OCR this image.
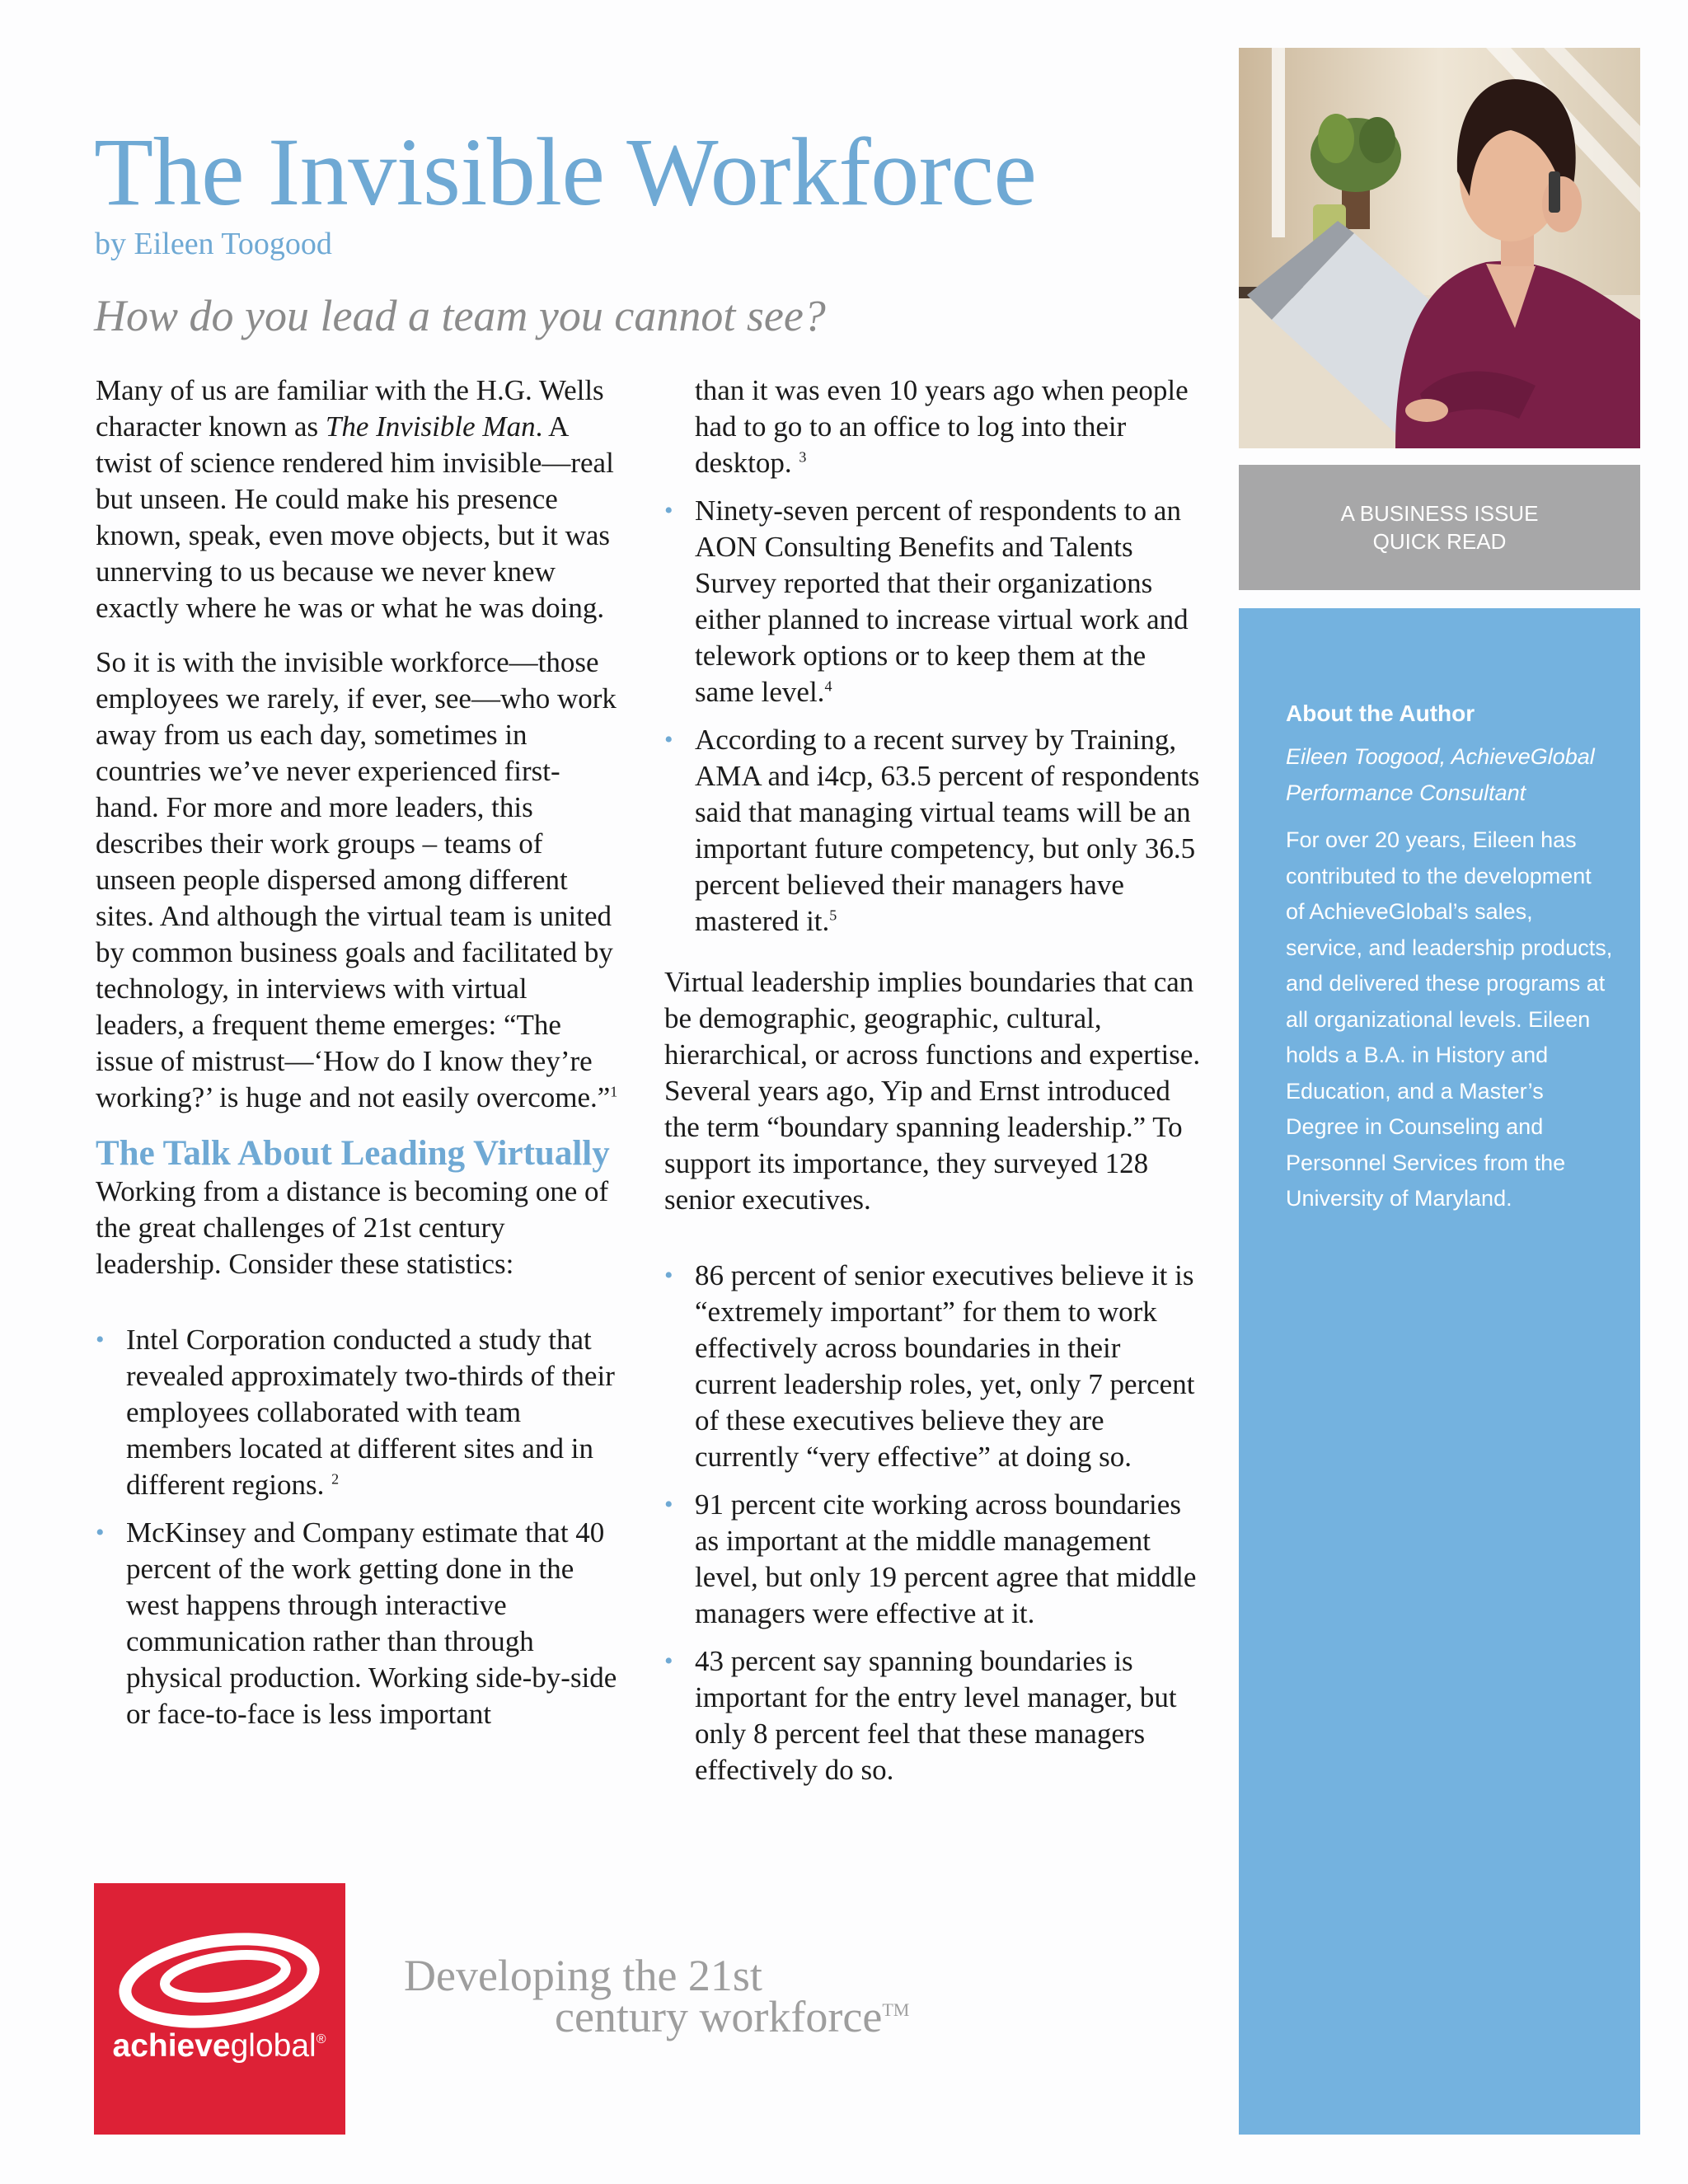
The Invisible Workforce
by Eileen Toogood
How do you lead a team you cannot see?

Many of us are familiar with the H.G. Wells character known as The Invisible Man. A twist of science rendered him invisible—real but unseen. He could make his presence known, speak, even move objects, but it was unnerving to us because we never knew exactly where he was or what he was doing.

So it is with the invisible workforce—those employees we rarely, if ever, see—who work away from us each day, sometimes in countries we’ve never experienced first-hand. For more and more leaders, this describes their work groups – teams of unseen people dispersed among different sites. And although the virtual team is united by common business goals and facilitated by technology, in interviews with virtual leaders, a frequent theme emerges: “The issue of mistrust—‘How do I know they’re working?’ is huge and not easily overcome.”$^1$

The Talk About Leading Virtually

Working from a distance is becoming one of the great challenges of 21st century leadership. Consider these statistics:

• Intel Corporation conducted a study that revealed approximately two-thirds of their employees collaborated with team members located at different sites and in different regions. $^2$
• McKinsey and Company estimate that 40 percent of the work getting done in the west happens through interactive communication rather than through physical production. Working side-by-side or face-to-face is less important
than it was even 10 years ago when people had to go to an office to log into their desktop. $^3$
• Ninety-seven percent of respondents to an AON Consulting Benefits and Talents Survey reported that their organizations either planned to increase virtual work and telework options or to keep them at the same level.$^4$
• According to a recent survey by Training, AMA and i4cp, 63.5 percent of respondents said that managing virtual teams will be an important future competency, but only 36.5 percent believed their managers have mastered it.$^5$

Virtual leadership implies boundaries that can be demographic, geographic, cultural, hierarchical, or across functions and expertise. Several years ago, Yip and Ernst introduced the term “boundary spanning leadership.” To support its importance, they surveyed 128 senior executives.

• 86 percent of senior executives believe it is “extremely important” for them to work effectively across boundaries in their current leadership roles, yet, only 7 percent of these executives believe they are currently “very effective” at doing so.
• 91 percent cite working across boundaries as important at the middle management level, but only 19 percent agree that middle managers were effective at it.
• 43 percent say spanning boundaries is important for the entry level manager, but only 8 percent feel that these managers effectively do so.
A BUSINESS ISSUE
QUICK READ
About the Author
Eileen Toogood, AchieveGlobal Performance Consultant
For over 20 years, Eileen has contributed to the development of AchieveGlobal’s sales, service, and leadership products, and delivered these programs at all organizational levels. Eileen holds a B.A. in History and Education, and a Master’s Degree in Counseling and Personnel Services from the University of Maryland.
achieveglobal®
Developing the 21st
century workforce™
